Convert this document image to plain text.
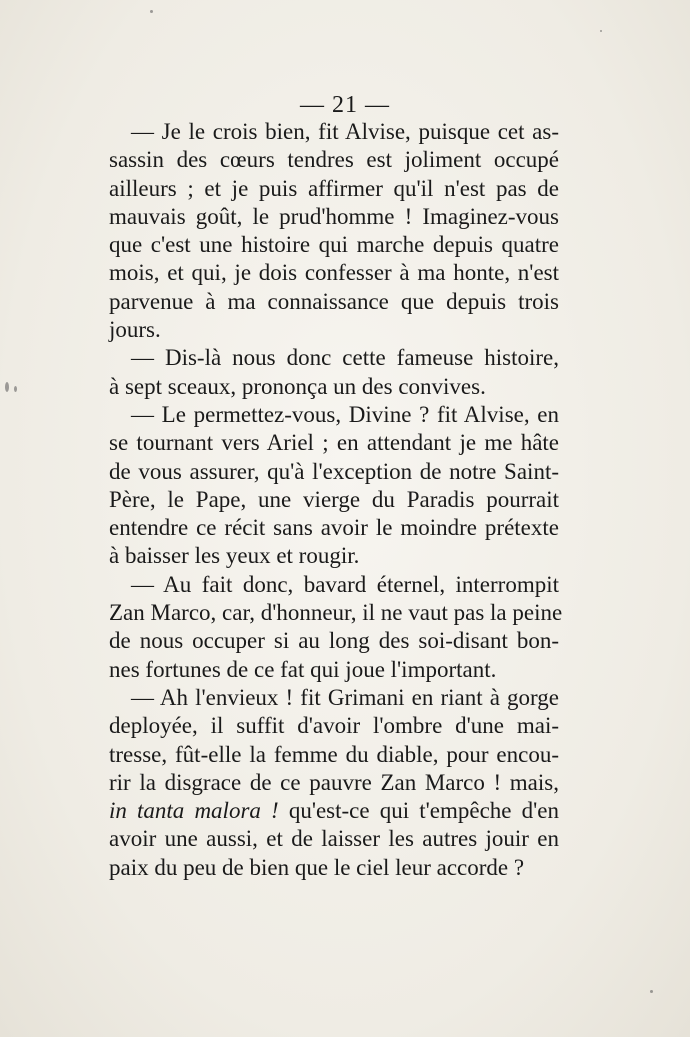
— 21 —
— Je le crois bien, fit Alvise, puisque cet as-
sassin des cœurs tendres est joliment occupé
ailleurs ; et je puis affirmer qu'il n'est pas de
mauvais goût, le prud'homme ! Imaginez-vous
que c'est une histoire qui marche depuis quatre
mois, et qui, je dois confesser à ma honte, n'est
parvenue à ma connaissance que depuis trois
jours.
— Dis-là nous donc cette fameuse histoire,
à sept sceaux, prononça un des convives.
— Le permettez-vous, Divine ? fit Alvise, en
se tournant vers Ariel ; en attendant je me hâte
de vous assurer, qu'à l'exception de notre Saint-
Père, le Pape, une vierge du Paradis pourrait
entendre ce récit sans avoir le moindre prétexte
à baisser les yeux et rougir.
— Au fait donc, bavard éternel, interrompit
Zan Marco, car, d'honneur, il ne vaut pas la peine
de nous occuper si au long des soi-disant bon-
nes fortunes de ce fat qui joue l'important.
— Ah l'envieux ! fit Grimani en riant à gorge
deployée, il suffit d'avoir l'ombre d'une mai-
tresse, fût-elle la femme du diable, pour encou-
rir la disgrace de ce pauvre Zan Marco ! mais,
in tanta malora ! qu'est-ce qui t'empêche d'en
avoir une aussi, et de laisser les autres jouir en
paix du peu de bien que le ciel leur accorde ?
